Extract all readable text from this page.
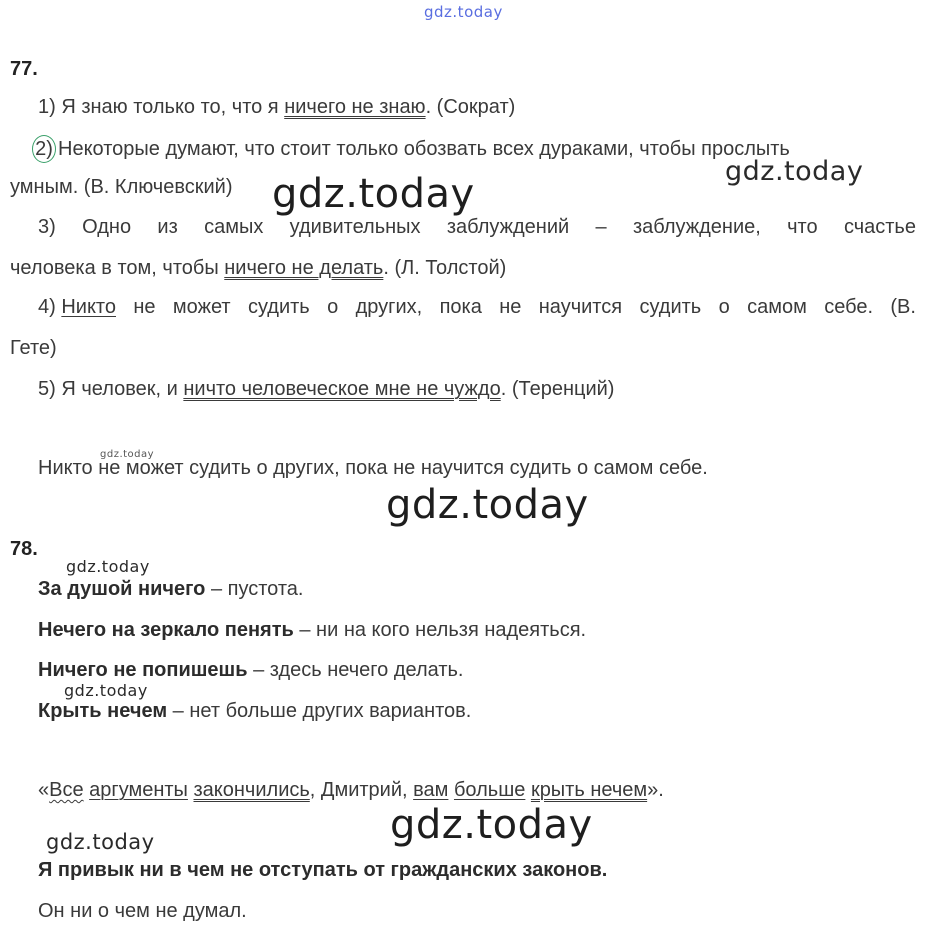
gdz.today
77.
1) Я знаю только то, что я ничего не знаю. (Сократ)
2) Некоторые думают, что стоит только обозвать всех дураками, чтобы прослыть
умным. (В. Ключевский)
3) Одно из самых удивительных заблуждений – заблуждение, что счастье
человека в том, чтобы ничего не делать. (Л. Толстой)
4) Никто не может судить о других, пока не научится судить о самом себе. (В.
Гете)
5) Я человек, и ничто человеческое мне не чуждо. (Теренций)
Никто не может судить о других, пока не научится судить о самом себе.
78.
За душой ничего – пустота.
Нечего на зеркало пенять – ни на кого нельзя надеяться.
Ничего не попишешь – здесь нечего делать.
Крыть нечем – нет больше других вариантов.
«Все аргументы закончились, Дмитрий, вам больше крыть нечем».
Я привык ни в чем не отступать от гражданских законов.
Он ни о чем не думал.
gdz.today	gdz.today
gdz.today
gdz.today
gdz.today
gdz.today
gdz.today
gdz.today
